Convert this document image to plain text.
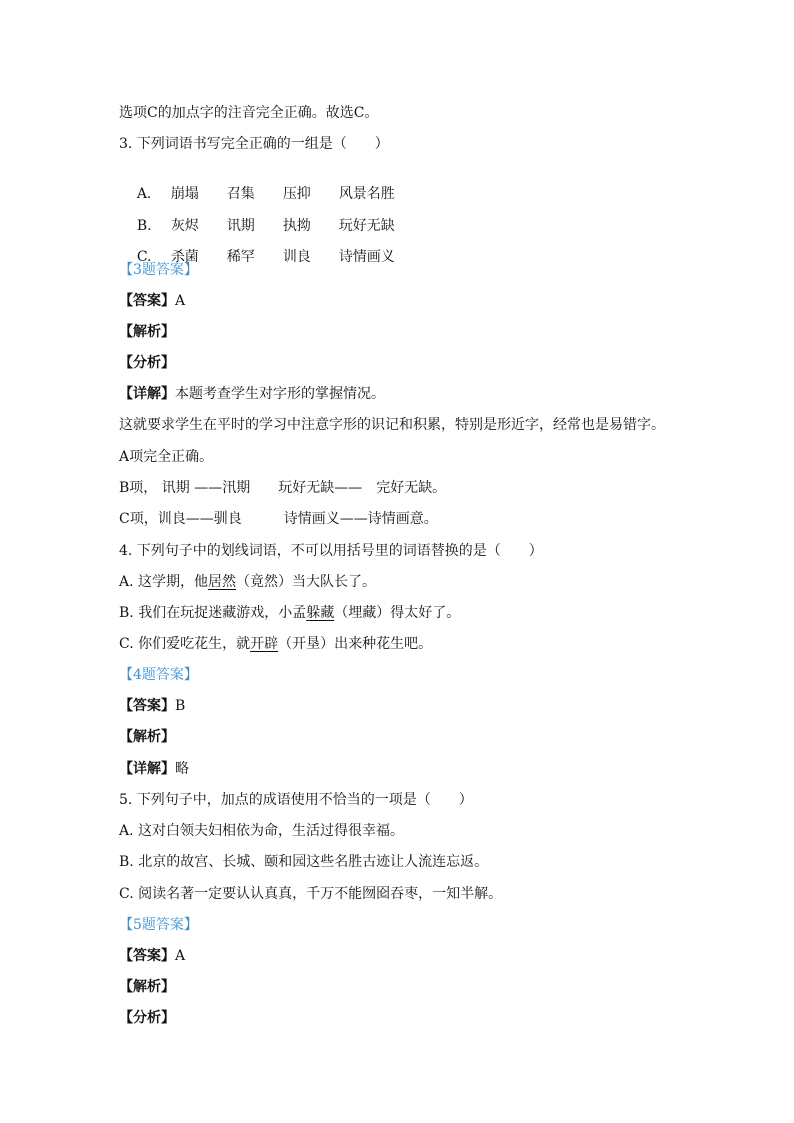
选项C的加点字的注音完全正确。故选C。
3. 下列词语书写完全正确的一组是（　　）

A. 崩塌 召集 压抑 风景名胜

B. 灰烬 讯期 执拗 玩好无缺

C. 杀菌 稀罕 训良 诗情画义

【3题答案】
【答案】A
【解析】
【分析】
【详解】本题考查学生对字形的掌握情况。
这就要求学生在平时的学习中注意字形的识记和积累，特别是形近字，经常也是易错字。
A项完全正确。
B项， 讯期 ——汛期　　玩好无缺——　完好无缺。
C项，训良——驯良　　　诗情画义——诗情画意。
4. 下列句子中的划线词语，不可以用括号里的词语替换的是（　　）
A. 这学期，他居然（竟然）当大队长了。
B. 我们在玩捉迷藏游戏，小孟躲藏（埋藏）得太好了。
C. 你们爱吃花生，就开辟（开垦）出来种花生吧。
【4题答案】
【答案】B
【解析】
【详解】略
5. 下列句子中，加点的成语使用不恰当的一项是（　　）
A. 这对白领夫妇相依为命，生活过得很幸福。
B. 北京的故宫、长城、颐和园这些名胜古迹让人流连忘返。
C. 阅读名著一定要认认真真，千万不能囫囵吞枣，一知半解。
【5题答案】
【答案】A
【解析】
【分析】
